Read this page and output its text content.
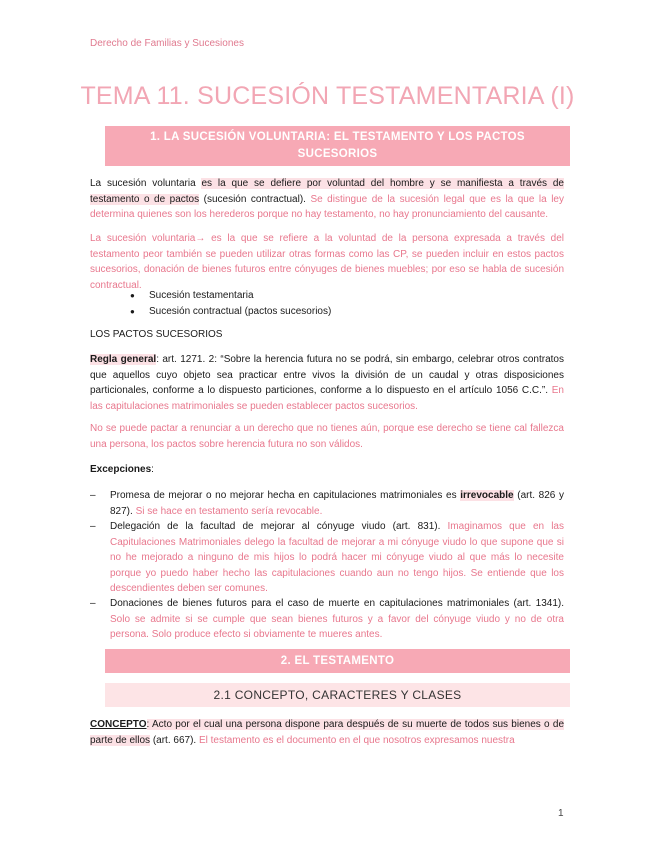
Derecho de Familias y Sucesiones
TEMA 11. SUCESIÓN TESTAMENTARIA (I)
1. LA SUCESIÓN VOLUNTARIA: EL TESTAMENTO Y LOS PACTOS
SUCESORIOS
La sucesión voluntaria es la que se defiere por voluntad del hombre y se manifiesta a través de testamento o de pactos (sucesión contractual). Se distingue de la sucesión legal que es la que la ley determina quienes son los herederos porque no hay testamento, no hay pronunciamiento del causante.
La sucesión voluntaria→ es la que se refiere a la voluntad de la persona expresada a través del testamento peor también se pueden utilizar otras formas como las CP, se pueden incluir en estos pactos sucesorios, donación de bienes futuros entre cónyuges de bienes muebles; por eso se habla de sucesión contractual.
● Sucesión testamentaria
● Sucesión contractual (pactos sucesorios)
LOS PACTOS SUCESORIOS
Regla general: art. 1271. 2: “Sobre la herencia futura no se podrá, sin embargo, celebrar otros contratos que aquellos cuyo objeto sea practicar entre vivos la división de un caudal y otras disposiciones particionales, conforme a lo dispuesto particiones, conforme a lo dispuesto en el artículo 1056 C.C.”. En las capitulaciones matrimoniales se pueden establecer pactos sucesorios.
No se puede pactar a renunciar a un derecho que no tienes aún, porque ese derecho se tiene cal fallezca una persona, los pactos sobre herencia futura no son válidos.
Excepciones:
– Promesa de mejorar o no mejorar hecha en capitulaciones matrimoniales es irrevocable (art. 826 y 827). Si se hace en testamento sería revocable.
– Delegación de la facultad de mejorar al cónyuge viudo (art. 831). Imaginamos que en las Capitulaciones Matrimoniales delego la facultad de mejorar a mi cónyuge viudo lo que supone que si no he mejorado a ninguno de mis hijos lo podrá hacer mi cónyuge viudo al que más lo necesite porque yo puedo haber hecho las capitulaciones cuando aun no tengo hijos. Se entiende que los descendientes deben ser comunes.
– Donaciones de bienes futuros para el caso de muerte en capitulaciones matrimoniales (art. 1341). Solo se admite si se cumple que sean bienes futuros y a favor del cónyuge viudo y no de otra persona. Solo produce efecto si obviamente te mueres antes.
2. EL TESTAMENTO
2.1 CONCEPTO, CARACTERES Y CLASES
CONCEPTO: Acto por el cual una persona dispone para después de su muerte de todos sus bienes o de parte de ellos (art. 667). El testamento es el documento en el que nosotros expresamos nuestra
1
